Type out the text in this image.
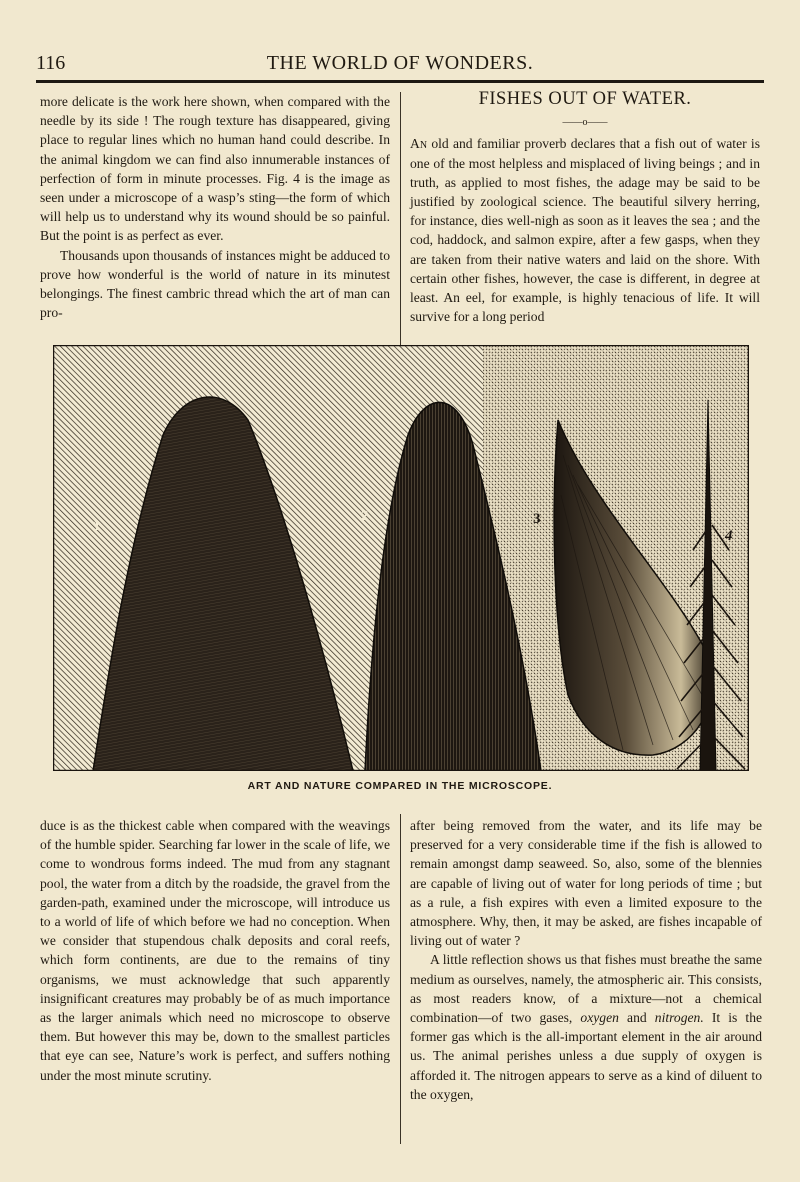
116	THE WORLD OF WONDERS.

more delicate is the work here shown, when compared with the needle by its side ! The rough texture has disappeared, giving place to regular lines which no human hand could describe. In the animal kingdom we can find also innumerable instances of perfection of form in minute processes. Fig. 4 is the image as seen under a microscope of a wasp’s sting—the form of which will help us to understand why its wound should be so painful. But the point is as perfect as ever.

Thousands upon thousands of instances might be adduced to prove how wonderful is the world of nature in its minutest belongings. The finest cambric thread which the art of man can pro-

FISHES OUT OF WATER.
——o——

An old and familiar proverb declares that a fish out of water is one of the most helpless and misplaced of living beings ; and in truth, as applied to most fishes, the adage may be said to be justified by zoological science. The beautiful silvery herring, for instance, dies well-nigh as soon as it leaves the sea ; and the cod, haddock, and salmon expire, after a few gasps, when they are taken from their native waters and laid on the shore. With certain other fishes, however, the case is different, in degree at least. An eel, for example, is highly tenacious of life. It will survive for a long period

1
2	3
4
ART AND NATURE COMPARED IN THE MICROSCOPE.

duce is as the thickest cable when compared with the weavings of the humble spider. Searching far lower in the scale of life, we come to wondrous forms indeed. The mud from any stagnant pool, the water from a ditch by the roadside, the gravel from the garden-path, examined under the microscope, will introduce us to a world of life of which before we had no conception. When we consider that stupendous chalk deposits and coral reefs, which form continents, are due to the remains of tiny organisms, we must acknowledge that such apparently insignificant creatures may probably be of as much importance as the larger animals which need no microscope to observe them. But however this may be, down to the smallest particles that eye can see, Nature’s work is perfect, and suffers nothing under the most minute scrutiny.

after being removed from the water, and its life may be preserved for a very considerable time if the fish is allowed to remain amongst damp seaweed. So, also, some of the blennies are capable of living out of water for long periods of time ; but as a rule, a fish expires with even a limited exposure to the atmosphere. Why, then, it may be asked, are fishes incapable of living out of water ?

A little reflection shows us that fishes must breathe the same medium as ourselves, namely, the atmospheric air. This consists, as most readers know, of a mixture—not a chemical combination—of two gases, oxygen and nitrogen. It is the former gas which is the all-important element in the air around us. The animal perishes unless a due supply of oxygen is afforded it. The nitrogen appears to serve as a kind of diluent to the oxygen,
